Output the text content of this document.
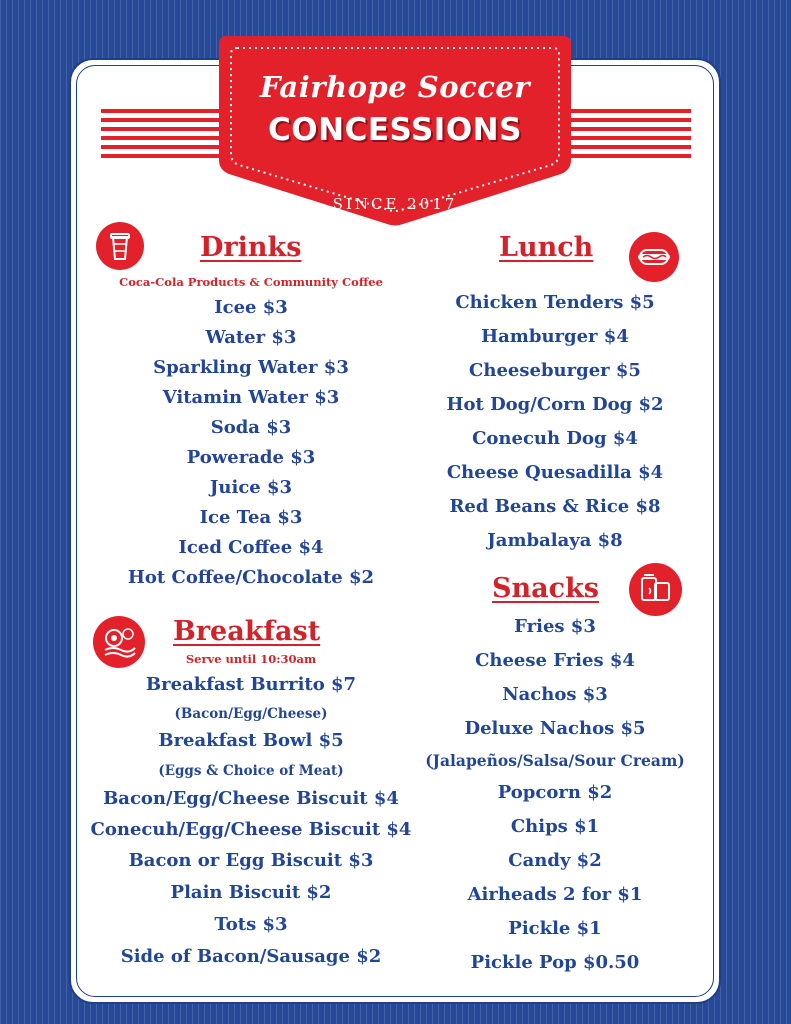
Fairhope Soccer
CONCESSIONS
SINCE 2017
Drinks
Coca-Cola Products & Community Coffee
Icee $3
Water $3
Sparkling Water $3
Vitamin Water $3
Soda $3
Powerade $3
Juice $3
Ice Tea $3
Iced Coffee $4
Hot Coffee/Chocolate $2
Breakfast
Serve until 10:30am
Breakfast Burrito $7
(Bacon/Egg/Cheese)
Breakfast Bowl $5
(Eggs & Choice of Meat)
Bacon/Egg/Cheese Biscuit $4
Conecuh/Egg/Cheese Biscuit $4
Bacon or Egg Biscuit $3
Plain Biscuit $2
Tots $3
Side of Bacon/Sausage $2
Lunch
Chicken Tenders $5
Hamburger $4
Cheeseburger $5
Hot Dog/Corn Dog $2
Conecuh Dog $4
Cheese Quesadilla $4
Red Beans & Rice $8
Jambalaya $8
Snacks
Fries $3
Cheese Fries $4
Nachos $3
Deluxe Nachos $5
(Jalapeños/Salsa/Sour Cream)
Popcorn $2
Chips $1
Candy $2
Airheads 2 for $1
Pickle $1
Pickle Pop $0.50
